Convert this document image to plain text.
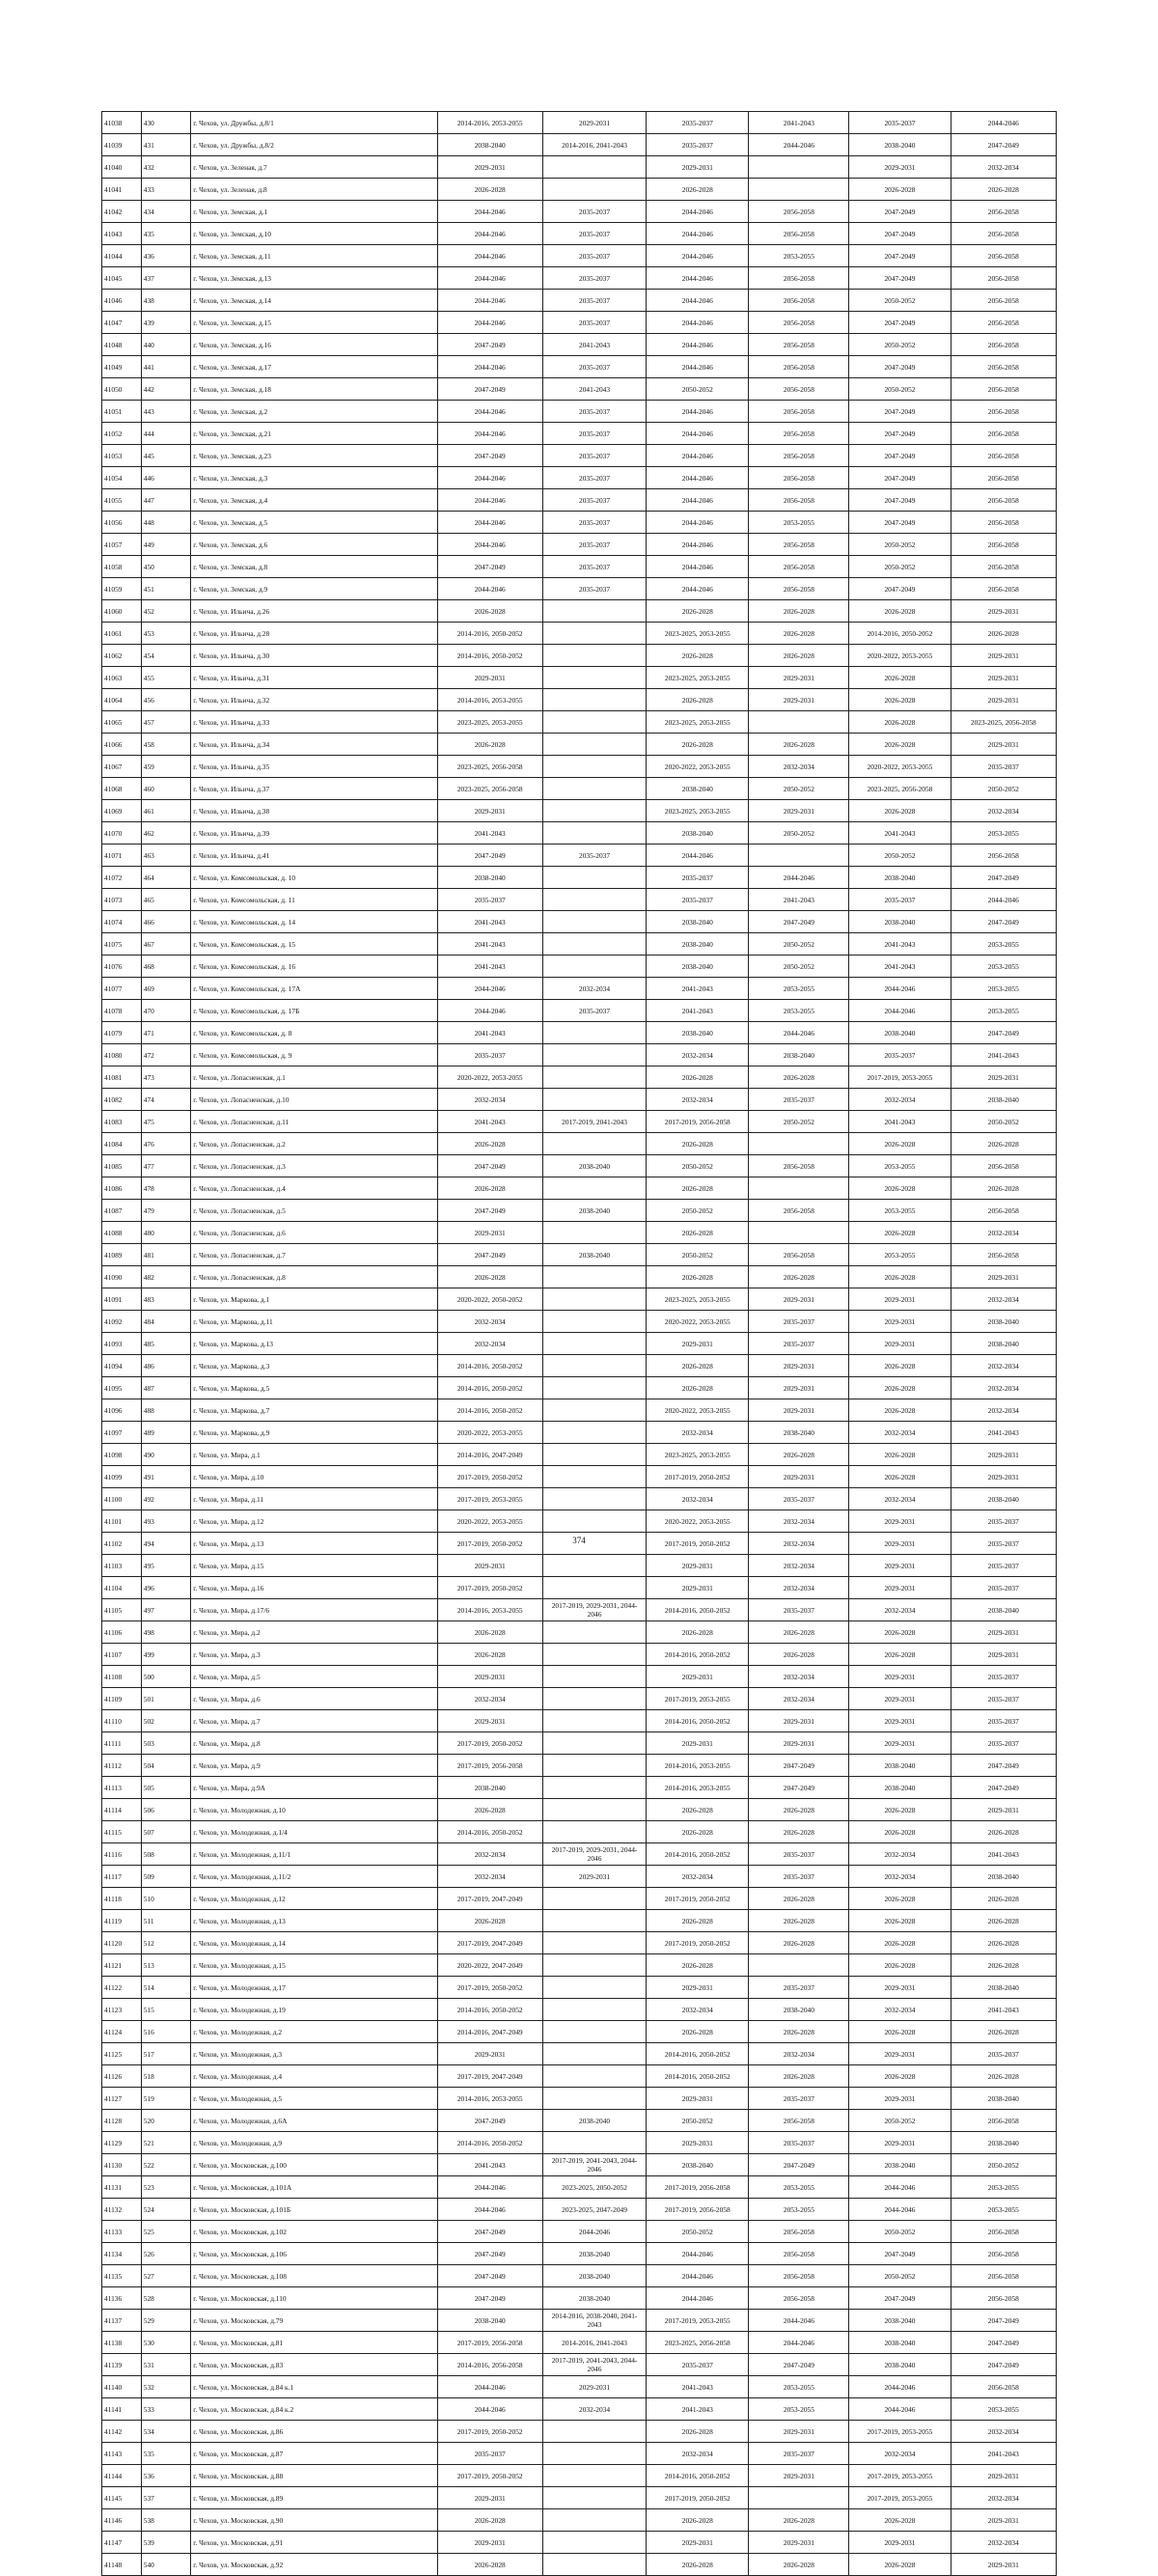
41038	430	г. Чехов, ул. Дружбы, д.8/1	2014-2016, 2053-2055	2029-2031	2035-2037	2041-2043	2035-2037	2044-2046
41039	431	г. Чехов, ул. Дружбы, д.8/2	2038-2040	2014-2016, 2041-2043	2035-2037	2044-2046	2038-2040	2047-2049
41040	432	г. Чехов, ул. Зеленая, д.7	2029-2031		2029-2031		2029-2031	2032-2034
41041	433	г. Чехов, ул. Зеленая, д.8	2026-2028		2026-2028		2026-2028	2026-2028
41042	434	г. Чехов, ул. Земская, д.1	2044-2046	2035-2037	2044-2046	2056-2058	2047-2049	2056-2058
41043	435	г. Чехов, ул. Земская, д.10	2044-2046	2035-2037	2044-2046	2056-2058	2047-2049	2056-2058
41044	436	г. Чехов, ул. Земская, д.11	2044-2046	2035-2037	2044-2046	2053-2055	2047-2049	2056-2058
41045	437	г. Чехов, ул. Земская, д.13	2044-2046	2035-2037	2044-2046	2056-2058	2047-2049	2056-2058
41046	438	г. Чехов, ул. Земская, д.14	2044-2046	2035-2037	2044-2046	2056-2058	2050-2052	2056-2058
41047	439	г. Чехов, ул. Земская, д.15	2044-2046	2035-2037	2044-2046	2056-2058	2047-2049	2056-2058
41048	440	г. Чехов, ул. Земская, д.16	2047-2049	2041-2043	2044-2046	2056-2058	2050-2052	2056-2058
41049	441	г. Чехов, ул. Земская, д.17	2044-2046	2035-2037	2044-2046	2056-2058	2047-2049	2056-2058
41050	442	г. Чехов, ул. Земская, д.18	2047-2049	2041-2043	2050-2052	2056-2058	2050-2052	2056-2058
41051	443	г. Чехов, ул. Земская, д.2	2044-2046	2035-2037	2044-2046	2056-2058	2047-2049	2056-2058
41052	444	г. Чехов, ул. Земская, д.21	2044-2046	2035-2037	2044-2046	2056-2058	2047-2049	2056-2058
41053	445	г. Чехов, ул. Земская, д.23	2047-2049	2035-2037	2044-2046	2056-2058	2047-2049	2056-2058
41054	446	г. Чехов, ул. Земская, д.3	2044-2046	2035-2037	2044-2046	2056-2058	2047-2049	2056-2058
41055	447	г. Чехов, ул. Земская, д.4	2044-2046	2035-2037	2044-2046	2056-2058	2047-2049	2056-2058
41056	448	г. Чехов, ул. Земская, д.5	2044-2046	2035-2037	2044-2046	2053-2055	2047-2049	2056-2058
41057	449	г. Чехов, ул. Земская, д.6	2044-2046	2035-2037	2044-2046	2056-2058	2050-2052	2056-2058
41058	450	г. Чехов, ул. Земская, д.8	2047-2049	2035-2037	2044-2046	2056-2058	2050-2052	2056-2058
41059	451	г. Чехов, ул. Земская, д.9	2044-2046	2035-2037	2044-2046	2056-2058	2047-2049	2056-2058
41060	452	г. Чехов, ул. Ильича, д.26	2026-2028		2026-2028	2026-2028	2026-2028	2029-2031
41061	453	г. Чехов, ул. Ильича, д.28	2014-2016, 2050-2052		2023-2025, 2053-2055	2026-2028	2014-2016, 2050-2052	2026-2028
41062	454	г. Чехов, ул. Ильича, д.30	2014-2016, 2050-2052		2026-2028	2026-2028	2020-2022, 2053-2055	2029-2031
41063	455	г. Чехов, ул. Ильича, д.31	2029-2031		2023-2025, 2053-2055	2029-2031	2026-2028	2029-2031
41064	456	г. Чехов, ул. Ильича, д.32	2014-2016, 2053-2055		2026-2028	2029-2031	2026-2028	2029-2031
41065	457	г. Чехов, ул. Ильича, д.33	2023-2025, 2053-2055		2023-2025, 2053-2055		2026-2028	2023-2025, 2056-2058
41066	458	г. Чехов, ул. Ильича, д.34	2026-2028		2026-2028	2026-2028	2026-2028	2029-2031
41067	459	г. Чехов, ул. Ильича, д.35	2023-2025, 2056-2058		2020-2022, 2053-2055	2032-2034	2020-2022, 2053-2055	2035-2037
41068	460	г. Чехов, ул. Ильича, д.37	2023-2025, 2056-2058		2038-2040	2050-2052	2023-2025, 2056-2058	2050-2052
41069	461	г. Чехов, ул. Ильича, д.38	2029-2031		2023-2025, 2053-2055	2029-2031	2026-2028	2032-2034
41070	462	г. Чехов, ул. Ильича, д.39	2041-2043		2038-2040	2050-2052	2041-2043	2053-2055
41071	463	г. Чехов, ул. Ильича, д.41	2047-2049	2035-2037	2044-2046		2050-2052	2056-2058
41072	464	г. Чехов, ул. Комсомольская, д. 10	2038-2040		2035-2037	2044-2046	2038-2040	2047-2049
41073	465	г. Чехов, ул. Комсомольская, д. 11	2035-2037		2035-2037	2041-2043	2035-2037	2044-2046
41074	466	г. Чехов, ул. Комсомольская, д. 14	2041-2043		2038-2040	2047-2049	2038-2040	2047-2049
41075	467	г. Чехов, ул. Комсомольская, д. 15	2041-2043		2038-2040	2050-2052	2041-2043	2053-2055
41076	468	г. Чехов, ул. Комсомольская, д. 16	2041-2043		2038-2040	2050-2052	2041-2043	2053-2055
41077	469	г. Чехов, ул. Комсомольская, д. 17А	2044-2046	2032-2034	2041-2043	2053-2055	2044-2046	2053-2055
41078	470	г. Чехов, ул. Комсомольская, д. 17Б	2044-2046	2035-2037	2041-2043	2053-2055	2044-2046	2053-2055
41079	471	г. Чехов, ул. Комсомольская, д. 8	2041-2043		2038-2040	2044-2046	2038-2040	2047-2049
41080	472	г. Чехов, ул. Комсомольская, д. 9	2035-2037		2032-2034	2038-2040	2035-2037	2041-2043
41081	473	г. Чехов, ул. Лопасненская, д.1	2020-2022, 2053-2055		2026-2028	2026-2028	2017-2019, 2053-2055	2029-2031
41082	474	г. Чехов, ул. Лопасненская, д.10	2032-2034		2032-2034	2035-2037	2032-2034	2038-2040
41083	475	г. Чехов, ул. Лопасненская, д.11	2041-2043	2017-2019, 2041-2043	2017-2019, 2056-2058	2050-2052	2041-2043	2050-2052
41084	476	г. Чехов, ул. Лопасненская, д.2	2026-2028		2026-2028		2026-2028	2026-2028
41085	477	г. Чехов, ул. Лопасненская, д.3	2047-2049	2038-2040	2050-2052	2056-2058	2053-2055	2056-2058
41086	478	г. Чехов, ул. Лопасненская, д.4	2026-2028		2026-2028		2026-2028	2026-2028
41087	479	г. Чехов, ул. Лопасненская, д.5	2047-2049	2038-2040	2050-2052	2056-2058	2053-2055	2056-2058
41088	480	г. Чехов, ул. Лопасненская, д.6	2029-2031		2026-2028		2026-2028	2032-2034
41089	481	г. Чехов, ул. Лопасненская, д.7	2047-2049	2038-2040	2050-2052	2056-2058	2053-2055	2056-2058
41090	482	г. Чехов, ул. Лопасненская, д.8	2026-2028		2026-2028	2026-2028	2026-2028	2029-2031
41091	483	г. Чехов, ул. Маркова, д.1	2020-2022, 2050-2052		2023-2025, 2053-2055	2029-2031	2029-2031	2032-2034
41092	484	г. Чехов, ул. Маркова, д.11	2032-2034		2020-2022, 2053-2055	2035-2037	2029-2031	2038-2040
41093	485	г. Чехов, ул. Маркова, д.13	2032-2034		2029-2031	2035-2037	2029-2031	2038-2040
41094	486	г. Чехов, ул. Маркова, д.3	2014-2016, 2050-2052		2026-2028	2029-2031	2026-2028	2032-2034
41095	487	г. Чехов, ул. Маркова, д.5	2014-2016, 2050-2052		2026-2028	2029-2031	2026-2028	2032-2034
41096	488	г. Чехов, ул. Маркова, д.7	2014-2016, 2050-2052		2020-2022, 2053-2055	2029-2031	2026-2028	2032-2034
41097	489	г. Чехов, ул. Маркова, д.9	2020-2022, 2053-2055		2032-2034	2038-2040	2032-2034	2041-2043
41098	490	г. Чехов, ул. Мира, д.1	2014-2016, 2047-2049		2023-2025, 2053-2055	2026-2028	2026-2028	2029-2031
41099	491	г. Чехов, ул. Мира, д.10	2017-2019, 2050-2052		2017-2019, 2050-2052	2029-2031	2026-2028	2029-2031
41100	492	г. Чехов, ул. Мира, д.11	2017-2019, 2053-2055		2032-2034	2035-2037	2032-2034	2038-2040
41101	493	г. Чехов, ул. Мира, д.12	2020-2022, 2053-2055		2020-2022, 2053-2055	2032-2034	2029-2031	2035-2037
41102	494	г. Чехов, ул. Мира, д.13	2017-2019, 2050-2052		2017-2019, 2050-2052	2032-2034	2029-2031	2035-2037
41103	495	г. Чехов, ул. Мира, д.15	2029-2031		2029-2031	2032-2034	2029-2031	2035-2037
41104	496	г. Чехов, ул. Мира, д.16	2017-2019, 2050-2052		2029-2031	2032-2034	2029-2031	2035-2037
41105	497	г. Чехов, ул. Мира, д.17/6	2014-2016, 2053-2055	2017-2019, 2029-2031, 2044-2046	2014-2016, 2050-2052	2035-2037	2032-2034	2038-2040
41106	498	г. Чехов, ул. Мира, д.2	2026-2028		2026-2028	2026-2028	2026-2028	2029-2031
41107	499	г. Чехов, ул. Мира, д.3	2026-2028		2014-2016, 2050-2052	2026-2028	2026-2028	2029-2031
41108	500	г. Чехов, ул. Мира, д.5	2029-2031		2029-2031	2032-2034	2029-2031	2035-2037
41109	501	г. Чехов, ул. Мира, д.6	2032-2034		2017-2019, 2053-2055	2032-2034	2029-2031	2035-2037
41110	502	г. Чехов, ул. Мира, д.7	2029-2031		2014-2016, 2050-2052	2029-2031	2029-2031	2035-2037
41111	503	г. Чехов, ул. Мира, д.8	2017-2019, 2050-2052		2029-2031	2029-2031	2029-2031	2035-2037
41112	504	г. Чехов, ул. Мира, д.9	2017-2019, 2056-2058		2014-2016, 2053-2055	2047-2049	2038-2040	2047-2049
41113	505	г. Чехов, ул. Мира, д.9А	2038-2040		2014-2016, 2053-2055	2047-2049	2038-2040	2047-2049
41114	506	г. Чехов, ул. Молодежная, д.10	2026-2028		2026-2028	2026-2028	2026-2028	2029-2031
41115	507	г. Чехов, ул. Молодежная, д.1/4	2014-2016, 2050-2052		2026-2028	2026-2028	2026-2028	2026-2028
41116	508	г. Чехов, ул. Молодежная, д.11/1	2032-2034	2017-2019, 2029-2031, 2044-2046	2014-2016, 2050-2052	2035-2037	2032-2034	2041-2043
41117	509	г. Чехов, ул. Молодежная, д.11/2	2032-2034	2029-2031	2032-2034	2035-2037	2032-2034	2038-2040
41118	510	г. Чехов, ул. Молодежная, д.12	2017-2019, 2047-2049		2017-2019, 2050-2052	2026-2028	2026-2028	2026-2028
41119	511	г. Чехов, ул. Молодежная, д.13	2026-2028		2026-2028	2026-2028	2026-2028	2026-2028
41120	512	г. Чехов, ул. Молодежная, д.14	2017-2019, 2047-2049		2017-2019, 2050-2052	2026-2028	2026-2028	2026-2028
41121	513	г. Чехов, ул. Молодежная, д.15	2020-2022, 2047-2049		2026-2028		2026-2028	2026-2028
41122	514	г. Чехов, ул. Молодежная, д.17	2017-2019, 2050-2052		2029-2031	2035-2037	2029-2031	2038-2040
41123	515	г. Чехов, ул. Молодежная, д.19	2014-2016, 2050-2052		2032-2034	2038-2040	2032-2034	2041-2043
41124	516	г. Чехов, ул. Молодежная, д.2	2014-2016, 2047-2049		2026-2028	2026-2028	2026-2028	2026-2028
41125	517	г. Чехов, ул. Молодежная, д.3	2029-2031		2014-2016, 2050-2052	2032-2034	2029-2031	2035-2037
41126	518	г. Чехов, ул. Молодежная, д.4	2017-2019, 2047-2049		2014-2016, 2050-2052	2026-2028	2026-2028	2026-2028
41127	519	г. Чехов, ул. Молодежная, д.5	2014-2016, 2053-2055		2029-2031	2035-2037	2029-2031	2038-2040
41128	520	г. Чехов, ул. Молодежная, д.6А	2047-2049	2038-2040	2050-2052	2056-2058	2050-2052	2056-2058
41129	521	г. Чехов, ул. Молодежная, д.9	2014-2016, 2050-2052		2029-2031	2035-2037	2029-2031	2038-2040
41130	522	г. Чехов, ул. Московская, д.100	2041-2043	2017-2019, 2041-2043, 2044-2046	2038-2040	2047-2049	2038-2040	2050-2052
41131	523	г. Чехов, ул. Московская, д.101А	2044-2046	2023-2025, 2050-2052	2017-2019, 2056-2058	2053-2055	2044-2046	2053-2055
41132	524	г. Чехов, ул. Московская, д.101Б	2044-2046	2023-2025, 2047-2049	2017-2019, 2056-2058	2053-2055	2044-2046	2053-2055
41133	525	г. Чехов, ул. Московская, д.102	2047-2049	2044-2046	2050-2052	2056-2058	2050-2052	2056-2058
41134	526	г. Чехов, ул. Московская, д.106	2047-2049	2038-2040	2044-2046	2056-2058	2047-2049	2056-2058
41135	527	г. Чехов, ул. Московская, д.108	2047-2049	2038-2040	2044-2046	2056-2058	2050-2052	2056-2058
41136	528	г. Чехов, ул. Московская, д.110	2047-2049	2038-2040	2044-2046	2056-2058	2047-2049	2056-2058
41137	529	г. Чехов, ул. Московская, д.79	2038-2040	2014-2016, 2038-2040, 2041-2043	2017-2019, 2053-2055	2044-2046	2038-2040	2047-2049
41138	530	г. Чехов, ул. Московская, д.81	2017-2019, 2056-2058	2014-2016, 2041-2043	2023-2025, 2056-2058	2044-2046	2038-2040	2047-2049
41139	531	г. Чехов, ул. Московская, д.83	2014-2016, 2056-2058	2017-2019, 2041-2043, 2044-2046	2035-2037	2047-2049	2038-2040	2047-2049
41140	532	г. Чехов, ул. Московская, д.84 к.1	2044-2046	2029-2031	2041-2043	2053-2055	2044-2046	2056-2058
41141	533	г. Чехов, ул. Московская, д.84 к.2	2044-2046	2032-2034	2041-2043	2053-2055	2044-2046	2053-2055
41142	534	г. Чехов, ул. Московская, д.86	2017-2019, 2050-2052		2026-2028	2029-2031	2017-2019, 2053-2055	2032-2034
41143	535	г. Чехов, ул. Московская, д.87	2035-2037		2032-2034	2035-2037	2032-2034	2041-2043
41144	536	г. Чехов, ул. Московская, д.88	2017-2019, 2050-2052		2014-2016, 2050-2052	2029-2031	2017-2019, 2053-2055	2029-2031
41145	537	г. Чехов, ул. Московская, д.89	2029-2031		2017-2019, 2050-2052		2017-2019, 2053-2055	2032-2034
41146	538	г. Чехов, ул. Московская, д.90	2026-2028		2026-2028	2026-2028	2026-2028	2029-2031
41147	539	г. Чехов, ул. Московская, д.91	2029-2031		2029-2031	2029-2031	2029-2031	2032-2034
41148	540	г. Чехов, ул. Московская, д.92	2026-2028		2026-2028	2026-2028	2026-2028	2029-2031
374
